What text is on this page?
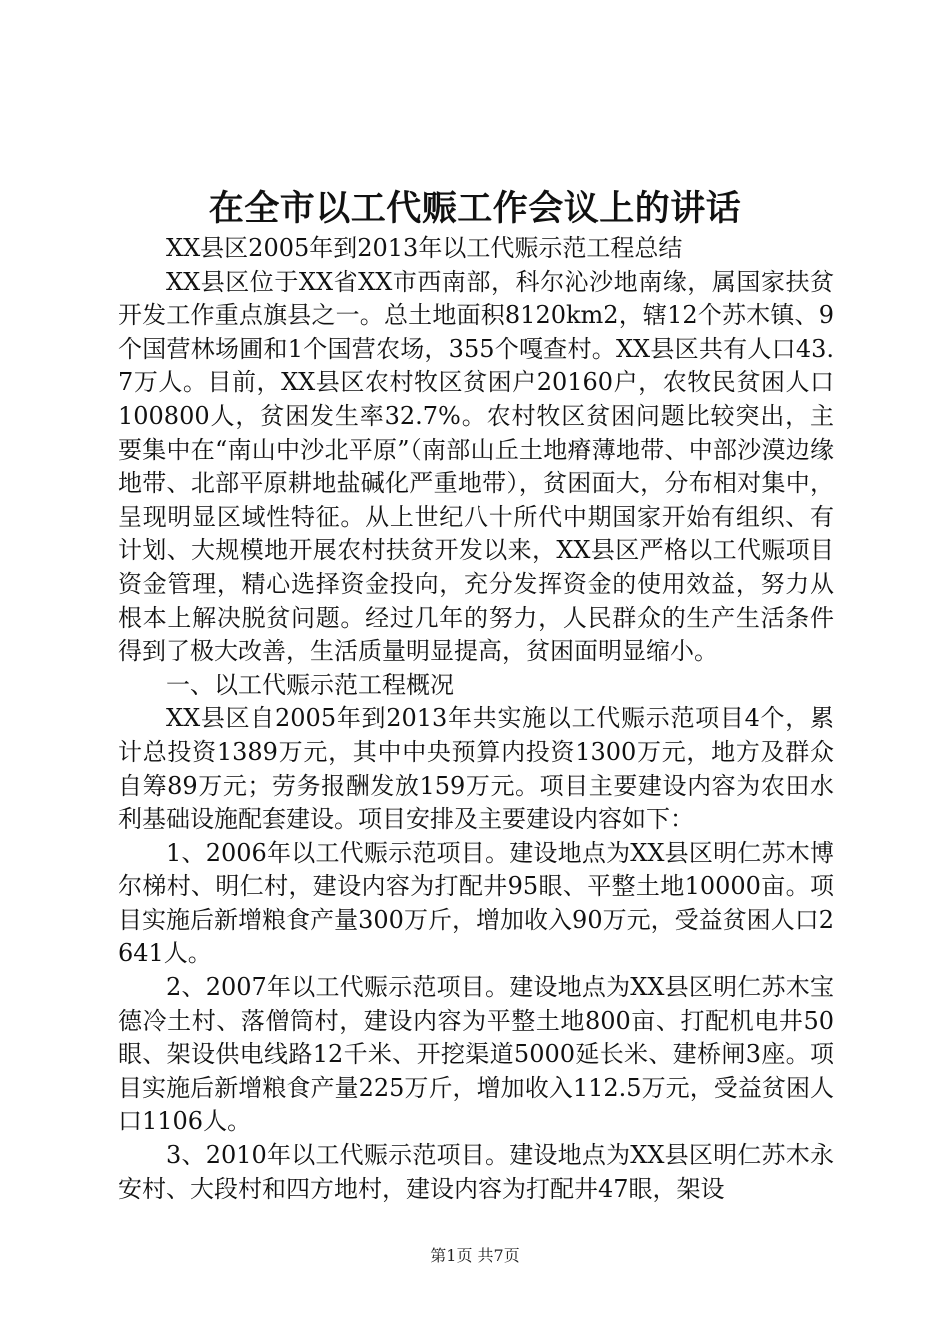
在全市以工代赈工作会议上的讲话

XX县区2005年到2013年以工代赈示范工程总结

XX县区位于XX省XX市西南部，科尔沁沙地南缘，属国家扶贫开发工作重点旗县之一。总土地面积8120km2，辖12个苏木镇、9个国营林场圃和1个国营农场，355个嘎查村。XX县区共有人口43.7万人。目前，XX县区农村牧区贫困户20160户，农牧民贫困人口100800人，贫困发生率32.7%。农村牧区贫困问题比较突出，主要集中在“南山中沙北平原”（南部山丘土地瘠薄地带、中部沙漠边缘地带、北部平原耕地盐碱化严重地带），贫困面大，分布相对集中，呈现明显区域性特征。从上世纪八十所代中期国家开始有组织、有计划、大规模地开展农村扶贫开发以来，XX县区严格以工代赈项目资金管理，精心选择资金投向，充分发挥资金的使用效益，努力从根本上解决脱贫问题。经过几年的努力，人民群众的生产生活条件得到了极大改善，生活质量明显提高，贫困面明显缩小。

一、以工代赈示范工程概况

XX县区自2005年到2013年共实施以工代赈示范项目4个，累计总投资1389万元，其中中央预算内投资1300万元，地方及群众自筹89万元；劳务报酬发放159万元。项目主要建设内容为农田水利基础设施配套建设。项目安排及主要建设内容如下：

1、2006年以工代赈示范项目。建设地点为XX县区明仁苏木博尔梯村、明仁村，建设内容为打配井95眼、平整土地10000亩。项目实施后新增粮食产量300万斤，增加收入90万元，受益贫困人口2641人。

2、2007年以工代赈示范项目。建设地点为XX县区明仁苏木宝德冷土村、落僧筒村，建设内容为平整土地800亩、打配机电井50眼、架设供电线路12千米、开挖渠道5000延长米、建桥闸3座。项目实施后新增粮食产量225万斤，增加收入112.5万元，受益贫困人口1106人。

3、2010年以工代赈示范项目。建设地点为XX县区明仁苏木永安村、大段村和四方地村，建设内容为打配井47眼，架设

第1页 共7页
